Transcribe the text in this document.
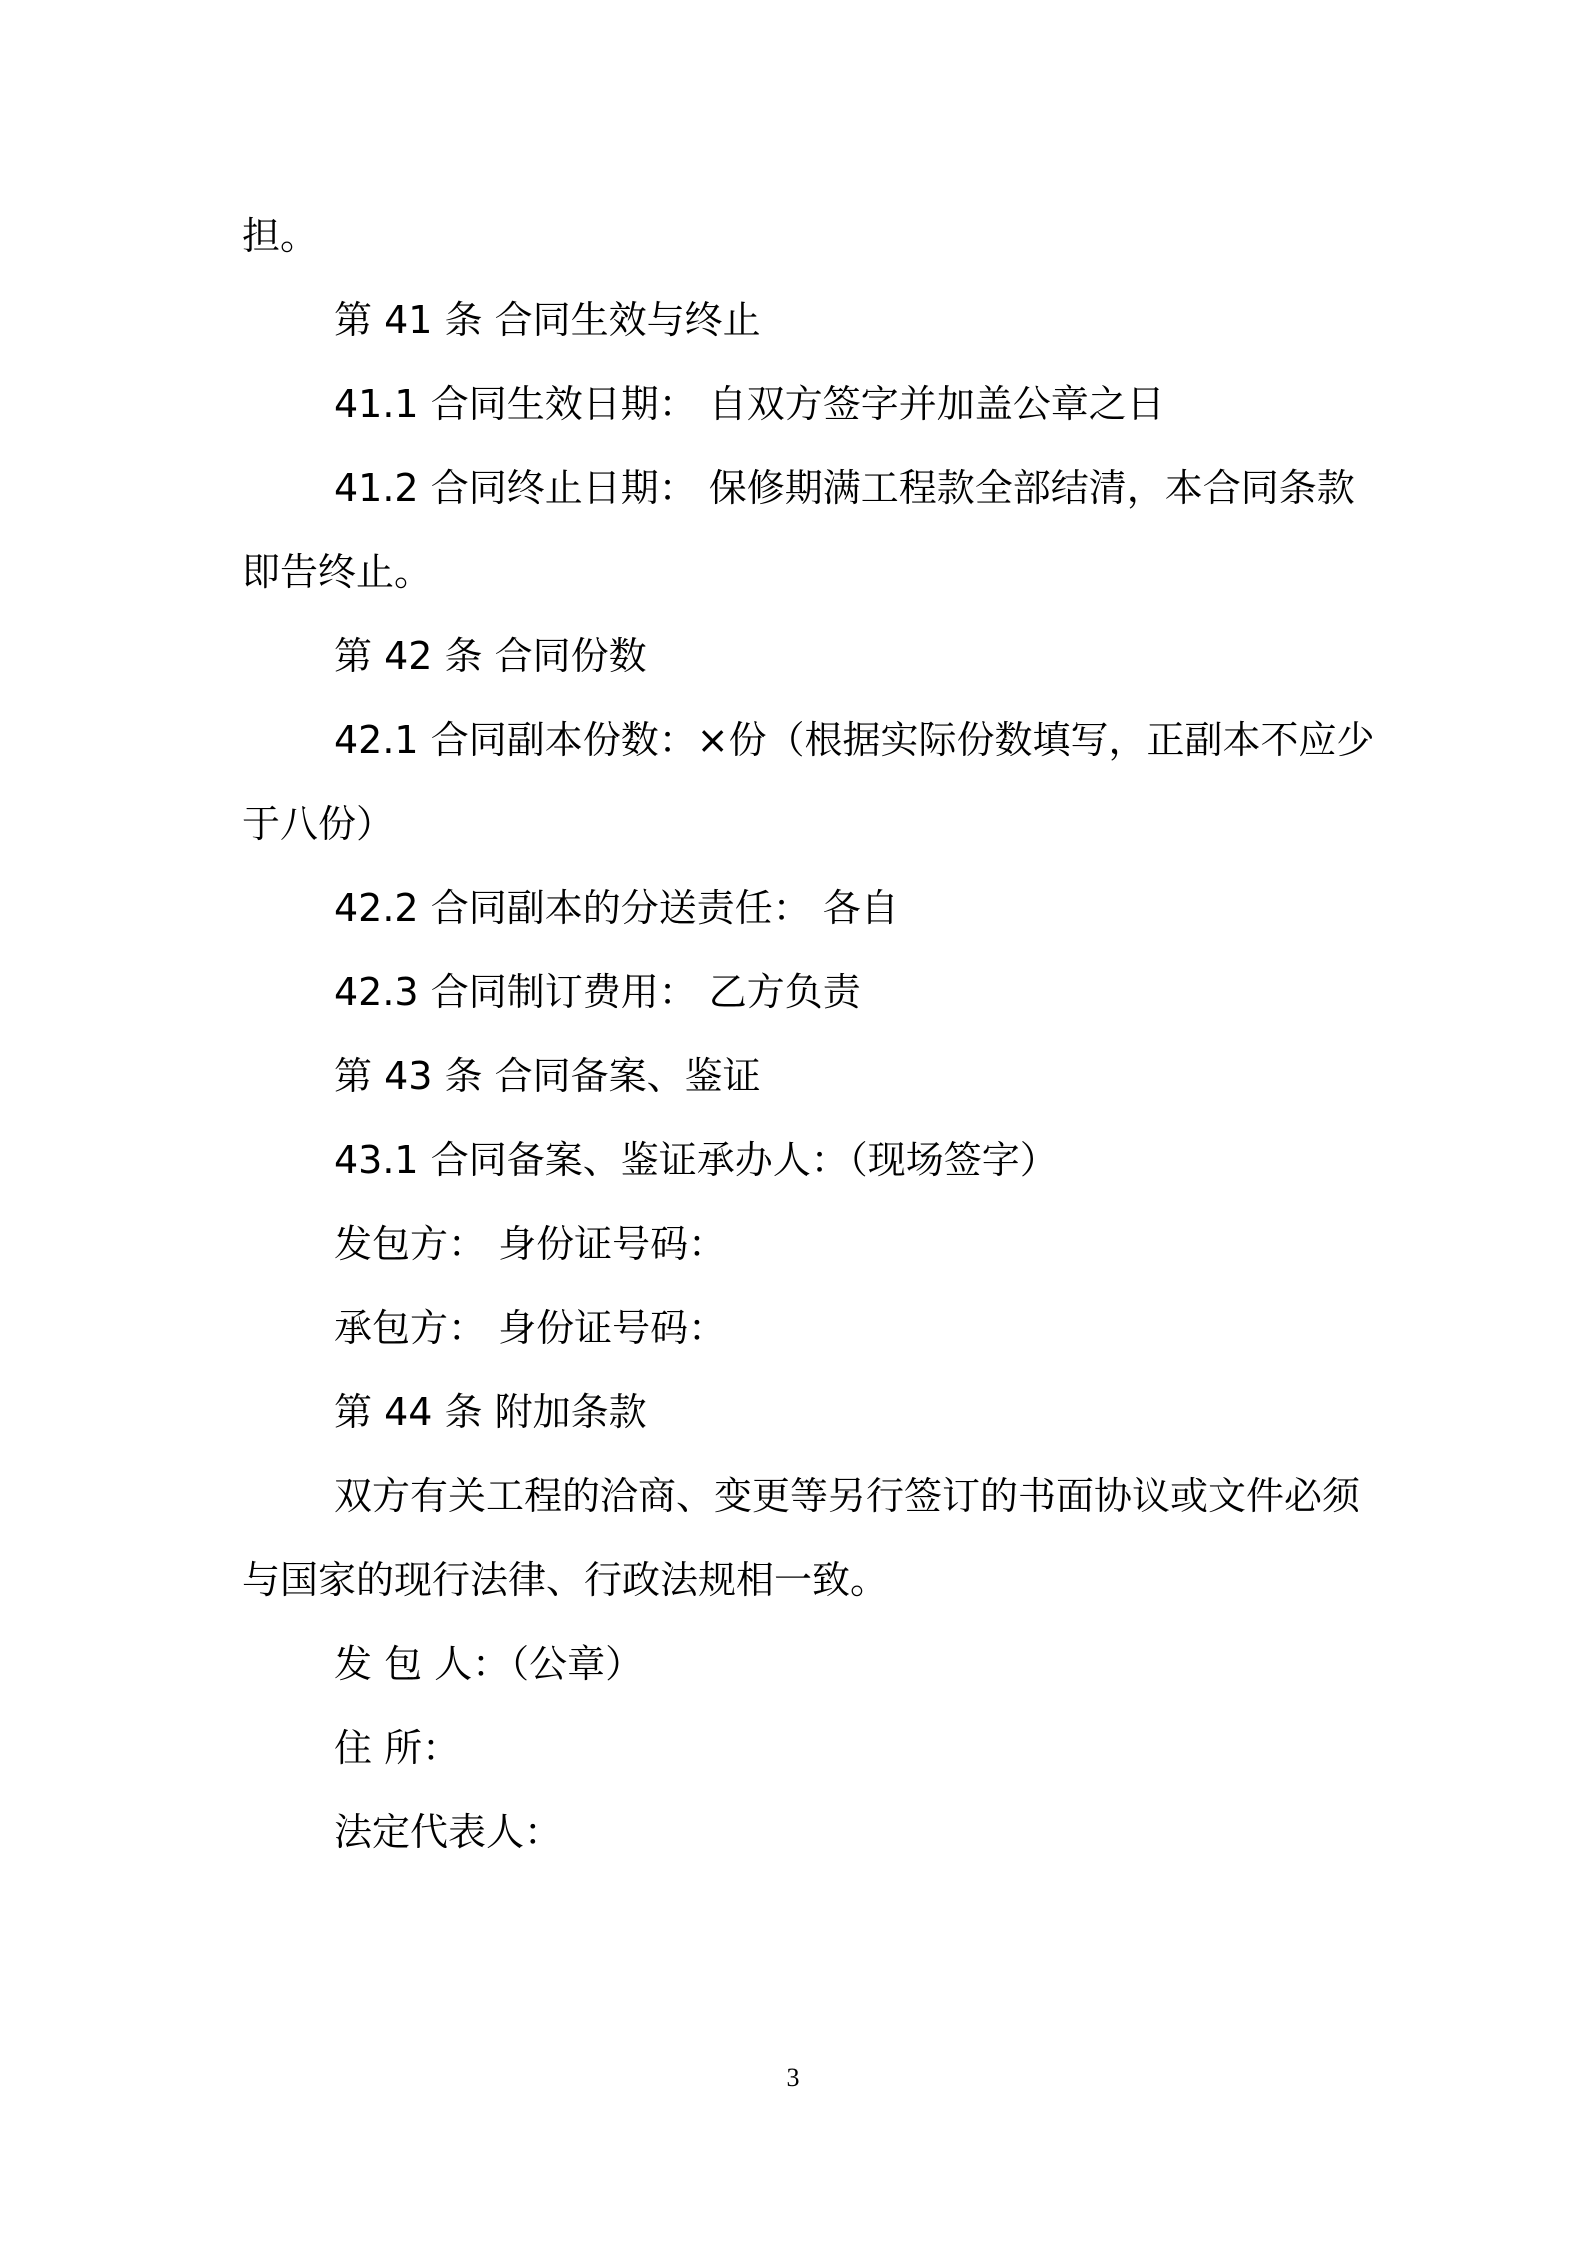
担。
第 41 条 合同生效与终止
41.1 合同生效日期： 自双方签字并加盖公章之日
41.2 合同终止日期： 保修期满工程款全部结清，本合同条款
即告终止。
第 42 条 合同份数
42.1 合同副本份数：×份（根据实际份数填写，正副本不应少
于八份）
42.2 合同副本的分送责任： 各自
42.3 合同制订费用： 乙方负责
第 43 条 合同备案、鉴证
43.1 合同备案、鉴证承办人：（现场签字）
发包方： 身份证号码：
承包方： 身份证号码：
第 44 条 附加条款
双方有关工程的洽商、变更等另行签订的书面协议或文件必须
与国家的现行法律、行政法规相一致。
发 包 人：（公章）
住 所：
法定代表人：
3
